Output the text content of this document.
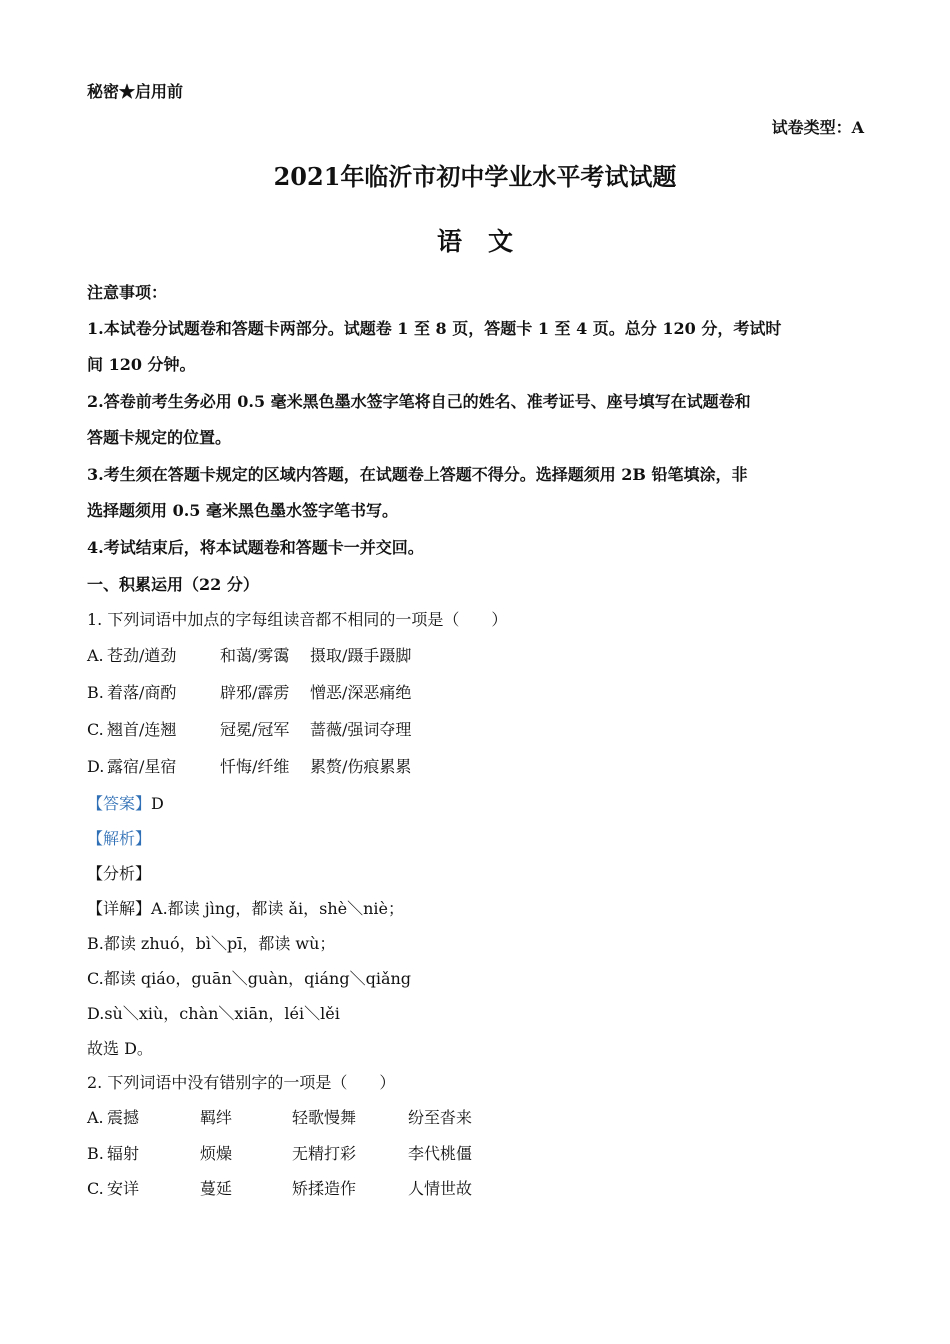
秘密★启用前
试卷类型：A
2021年临沂市初中学业水平考试试题
语文
注意事项：
1.本试卷分试题卷和答题卡两部分。试题卷 1 至 8 页，答题卡 1 至 4 页。总分 120 分，考试时
间 120 分钟。
2.答卷前考生务必用 0.5 毫米黑色墨水签字笔将自己的姓名、准考证号、座号填写在试题卷和
答题卡规定的位置。
3.考生须在答题卡规定的区域内答题，在试题卷上答题不得分。选择题须用 2B 铅笔填涂，非
选择题须用 0.5 毫米黑色墨水签字笔书写。
4.考试结束后，将本试题卷和答题卡一并交回。
一、积累运用（22 分）
1. 下列词语中加点的字每组读音都不相同的一项是（　　）
A. 苍劲/遒劲	和蔼/雾霭 摄取/蹑手蹑脚
B. 着落/商酌	辟邪/霹雳 憎恶/深恶痛绝
C. 翘首/连翘	冠冕/冠军 蔷薇/强词夺理
D. 露宿/星宿	忏悔/纤维 累赘/伤痕累累
【答案】D
【解析】
【分析】
【详解】A.都读 jìng，都读 ǎi，shè＼niè；
B.都读 zhuó，bì＼pī，都读 wù；
C.都读 qiáo，guān＼guàn，qiáng＼qiǎng
D.sù＼xiù，chàn＼xiān，léi＼lěi
故选 D。
2. 下列词语中没有错别字的一项是（　　）
A. 震撼	羁绊	轻歌慢舞	纷至沓来
B. 辐射	烦燥	无精打彩	李代桃僵
C. 安详	蔓延	矫揉造作	人情世故
